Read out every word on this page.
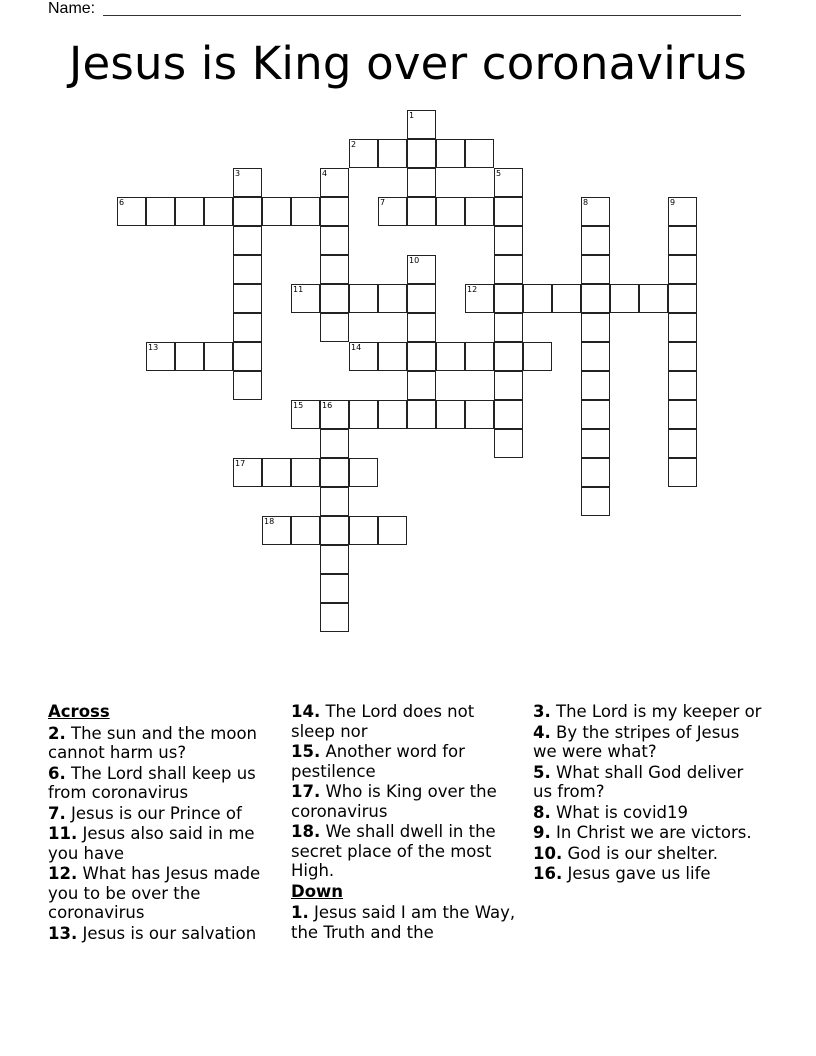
Name:
Jesus is King over coronavirus
1
2
3	4	5
6	7	8	9
10
11	12
13	14
15 16
17
18
Across
2. The sun and the moon cannot harm us?
6. The Lord shall keep us from coronavirus
7. Jesus is our Prince of
11. Jesus also said in me you have
12. What has Jesus made you to be over the coronavirus
13. Jesus is our salvation
14. The Lord does not sleep nor
15. Another word for pestilence
17. Who is King over the coronavirus
18. We shall dwell in the secret place of the most High.
Down
1. Jesus said I am the Way, the Truth and the
3. The Lord is my keeper or
4. By the stripes of Jesus we were what?
5. What shall God deliver us from?
8. What is covid19
9. In Christ we are victors.
10. God is our shelter.
16. Jesus gave us life
